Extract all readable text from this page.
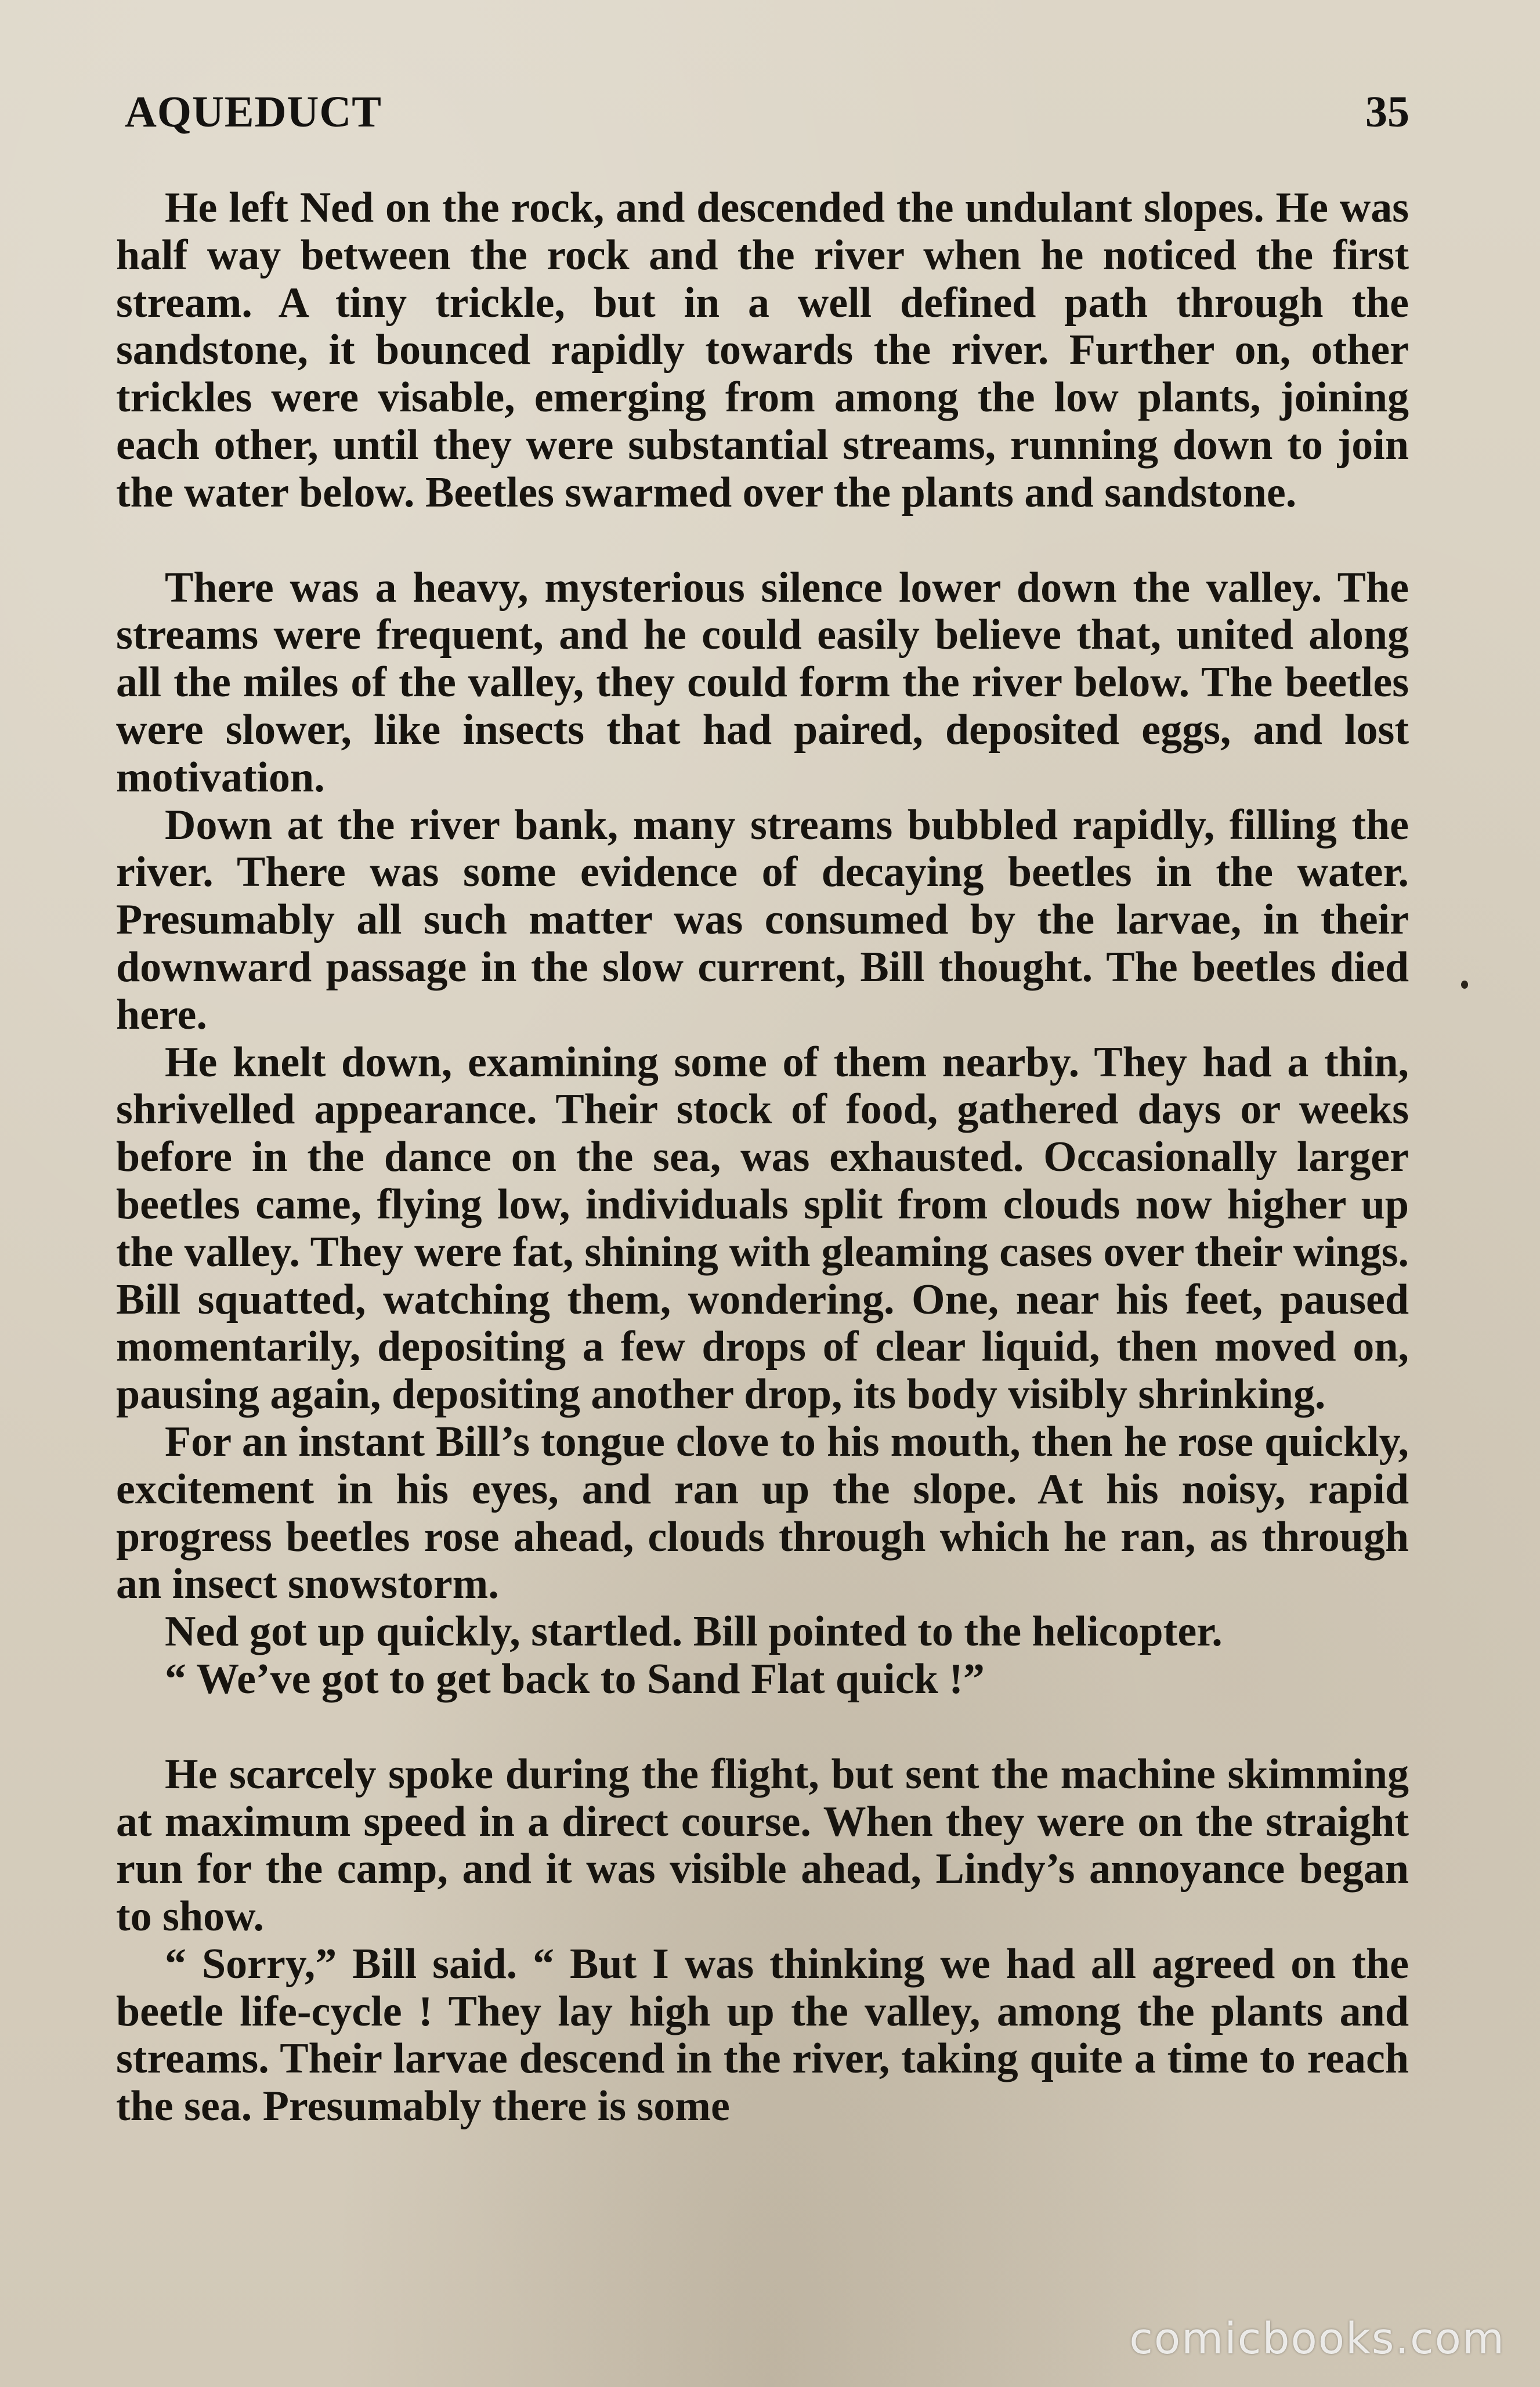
AQUEDUCT	35

He left Ned on the rock, and descended the undulant slopes. He was half way between the rock and the river when he noticed the first stream. A tiny trickle, but in a well defined path through the sandstone, it bounced rapidly towards the river. Further on, other trickles were visable, emerging from among the low plants, joining each other, until they were substantial streams, running down to join the water below. Beetles swarmed over the plants and sandstone.

There was a heavy, mysterious silence lower down the valley. The streams were frequent, and he could easily believe that, united along all the miles of the valley, they could form the river below. The beetles were slower, like insects that had paired, deposited eggs, and lost motivation.

Down at the river bank, many streams bubbled rapidly, filling the river. There was some evidence of decaying beetles in the water. Presumably all such matter was consumed by the larvae, in their downward passage in the slow current, Bill thought. The beetles died here.

He knelt down, examining some of them nearby. They had a thin, shrivelled appearance. Their stock of food, gathered days or weeks before in the dance on the sea, was exhausted. Occasionally larger beetles came, flying low, individuals split from clouds now higher up the valley. They were fat, shining with gleaming cases over their wings. Bill squatted, watching them, wondering. One, near his feet, paused momentarily, depositing a few drops of clear liquid, then moved on, pausing again, depositing another drop, its body visibly shrinking.

For an instant Bill’s tongue clove to his mouth, then he rose quickly, excitement in his eyes, and ran up the slope. At his noisy, rapid progress beetles rose ahead, clouds through which he ran, as through an insect snowstorm.

Ned got up quickly, startled. Bill pointed to the helicopter.

“ We’ve got to get back to Sand Flat quick !”

He scarcely spoke during the flight, but sent the machine skimming at maximum speed in a direct course. When they were on the straight run for the camp, and it was visible ahead, Lindy’s annoyance began to show.

“ Sorry,” Bill said. “ But I was thinking we had all agreed on the beetle life-cycle ! They lay high up the valley, among the plants and streams. Their larvae descend in the river, taking quite a time to reach the sea. Presumably there is some

comicbooks.com
